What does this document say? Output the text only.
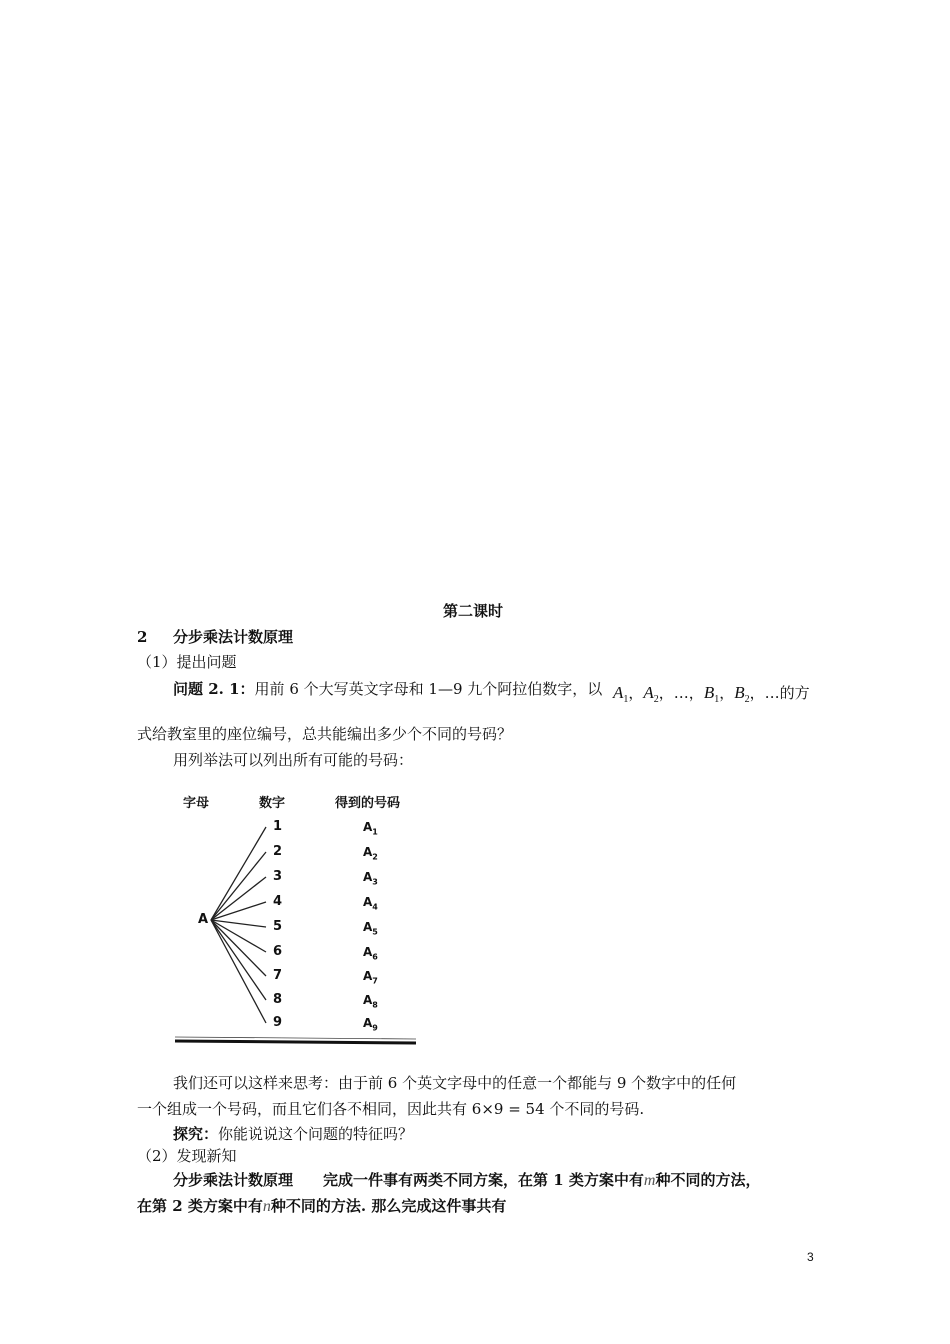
第二课时
2 分步乘法计数原理
（1）提出问题
问题 2. 1：用前 6 个大写英文字母和 1—9 九个阿拉伯数字，以 $A_1$，$A_2$，…，$B_1$，$B_2$，…的方
式给教室里的座位编号，总共能编出多少个不同的号码？
用列举法可以列出所有可能的号码：
字母	数字	得到的号码
A
1
2
3
4
5
6
7
8
9
$A_1$
$A_2$
$A_3$
$A_4$
$A_5$
$A_6$
$A_7$
$A_8$
$A_9$
我们还可以这样来思考：由于前 6 个英文字母中的任意一个都能与 9 个数字中的任何
一个组成一个号码，而且它们各不相同，因此共有 6×9 = 54 个不同的号码.
探究：你能说说这个问题的特征吗？
（2）发现新知
分步乘法计数原理 完成一件事有两类不同方案，在第 1 类方案中有m种不同的方法，
在第 2 类方案中有n种不同的方法. 那么完成这件事共有
3
